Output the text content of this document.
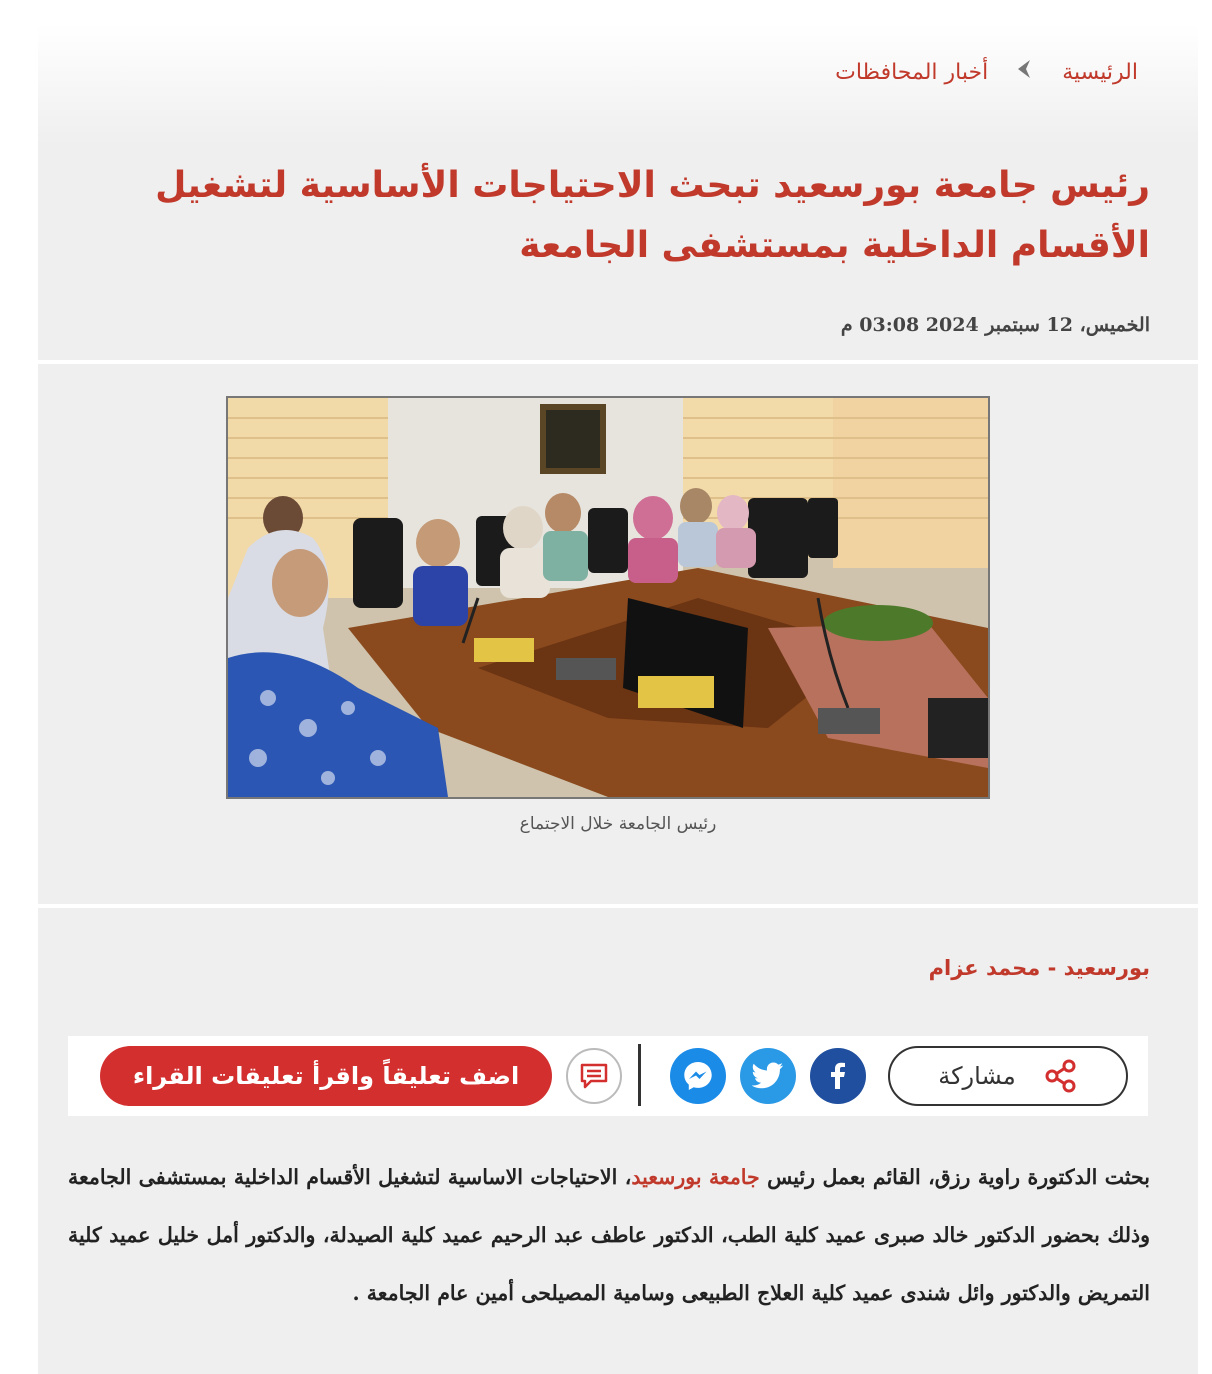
الرئيسية
أخبار المحافظات
رئيس جامعة بورسعيد تبحث الاحتياجات الأساسية لتشغيل الأقسام الداخلية بمستشفى الجامعة
الخميس، 12 سبتمبر 2024 03:08 م
رئيس الجامعة خلال الاجتماع
بورسعيد - محمد عزام
مشاركة
اضف تعليقاً واقرأ تعليقات القراء
بحثت الدكتورة راوية رزق، القائم بعمل رئيس جامعة بورسعيد، الاحتياجات الاساسية لتشغيل الأقسام الداخلية بمستشفى الجامعة وذلك بحضور الدكتور خالد صبرى عميد كلية الطب، الدكتور عاطف عبد الرحيم عميد كلية الصيدلة، والدكتور أمل خليل عميد كلية التمريض والدكتور وائل شندى عميد كلية العلاج الطبيعى وسامية المصيلحى أمين عام الجامعة .
